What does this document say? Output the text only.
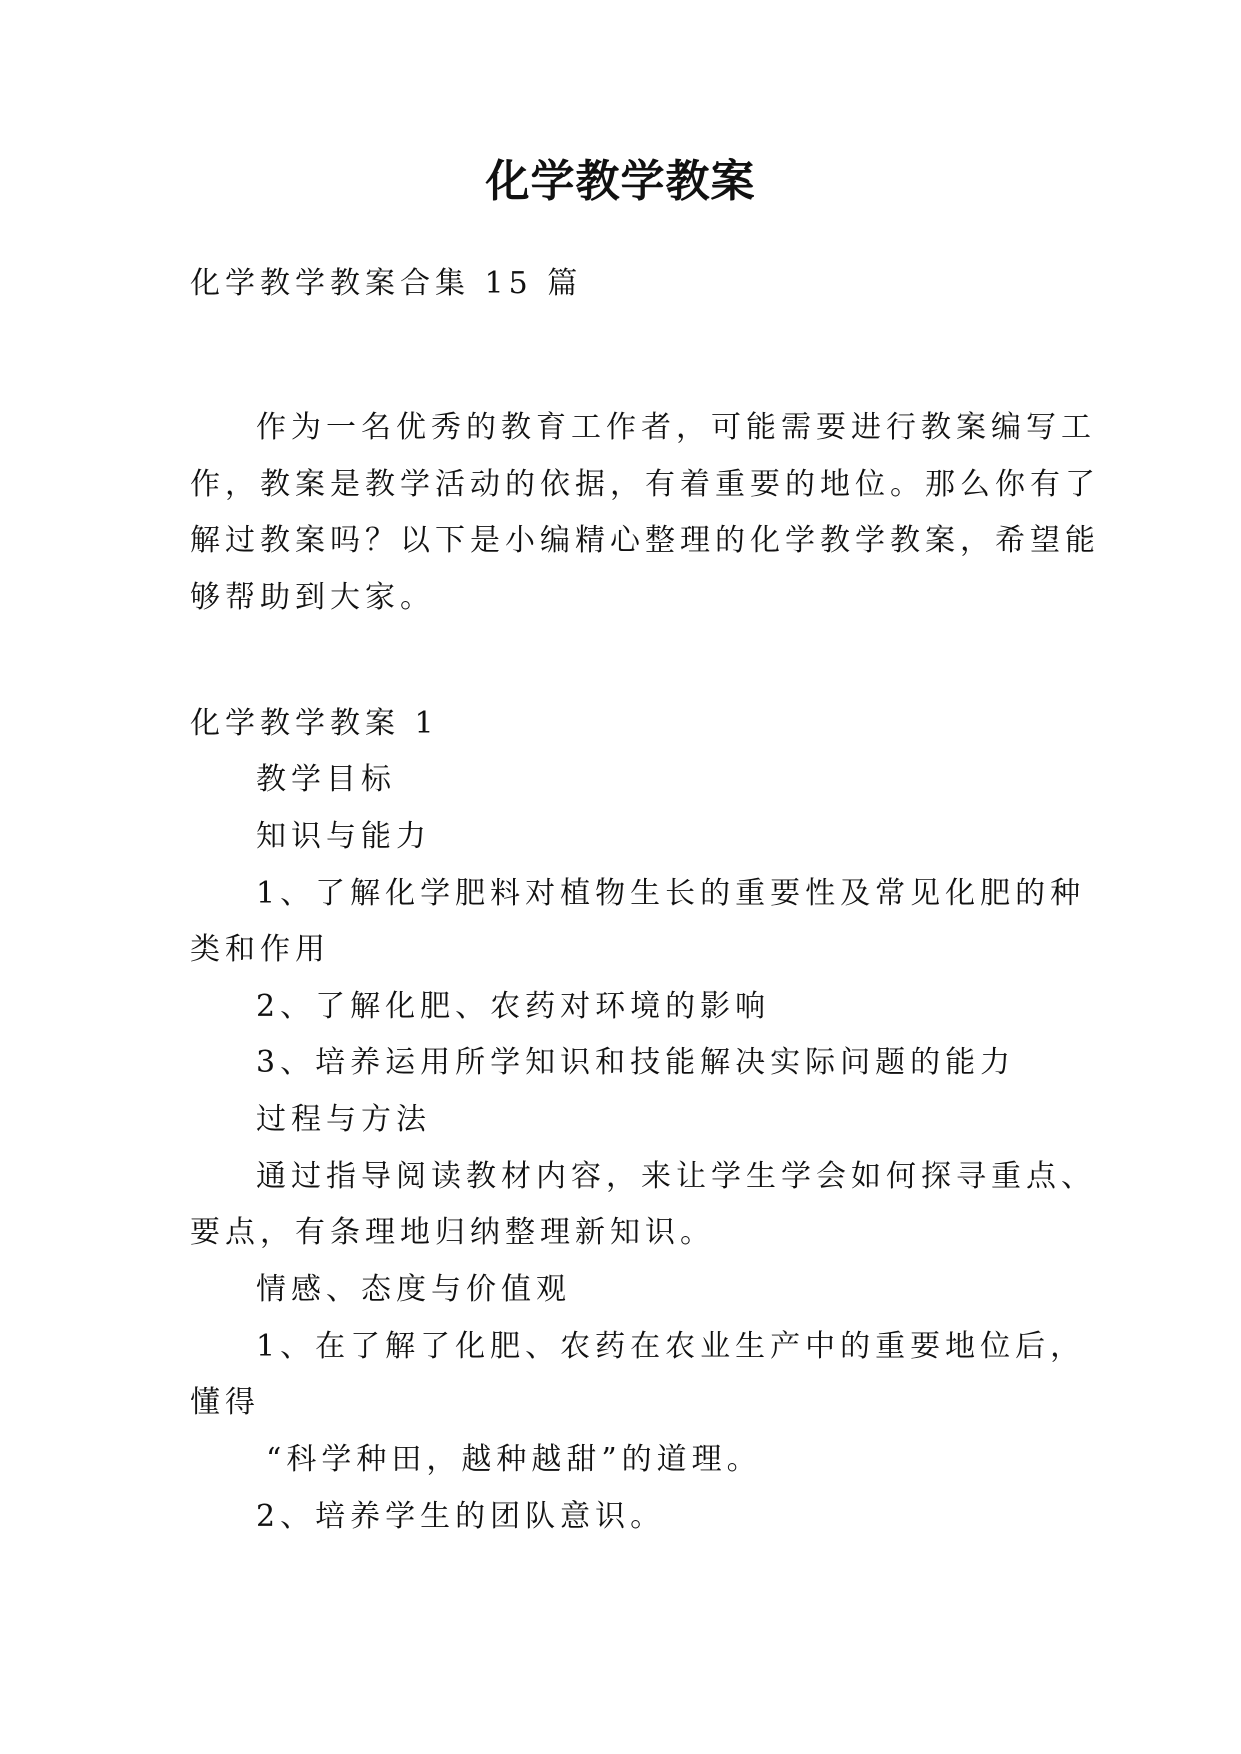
化学教学教案

化学教学教案合集 15 篇

作为一名优秀的教育工作者，可能需要进行教案编写工

作，教案是教学活动的依据，有着重要的地位。那么你有了

解过教案吗？以下是小编精心整理的化学教学教案，希望能

够帮助到大家。

化学教学教案 1

教学目标

知识与能力

1、了解化学肥料对植物生长的重要性及常见化肥的种

类和作用

2、了解化肥、农药对环境的影响

3、培养运用所学知识和技能解决实际问题的能力

过程与方法

通过指导阅读教材内容，来让学生学会如何探寻重点、

要点，有条理地归纳整理新知识。

情感、态度与价值观

1、在了解了化肥、农药在农业生产中的重要地位后，

懂得

“科学种田，越种越甜”的道理。

2、培养学生的团队意识。
